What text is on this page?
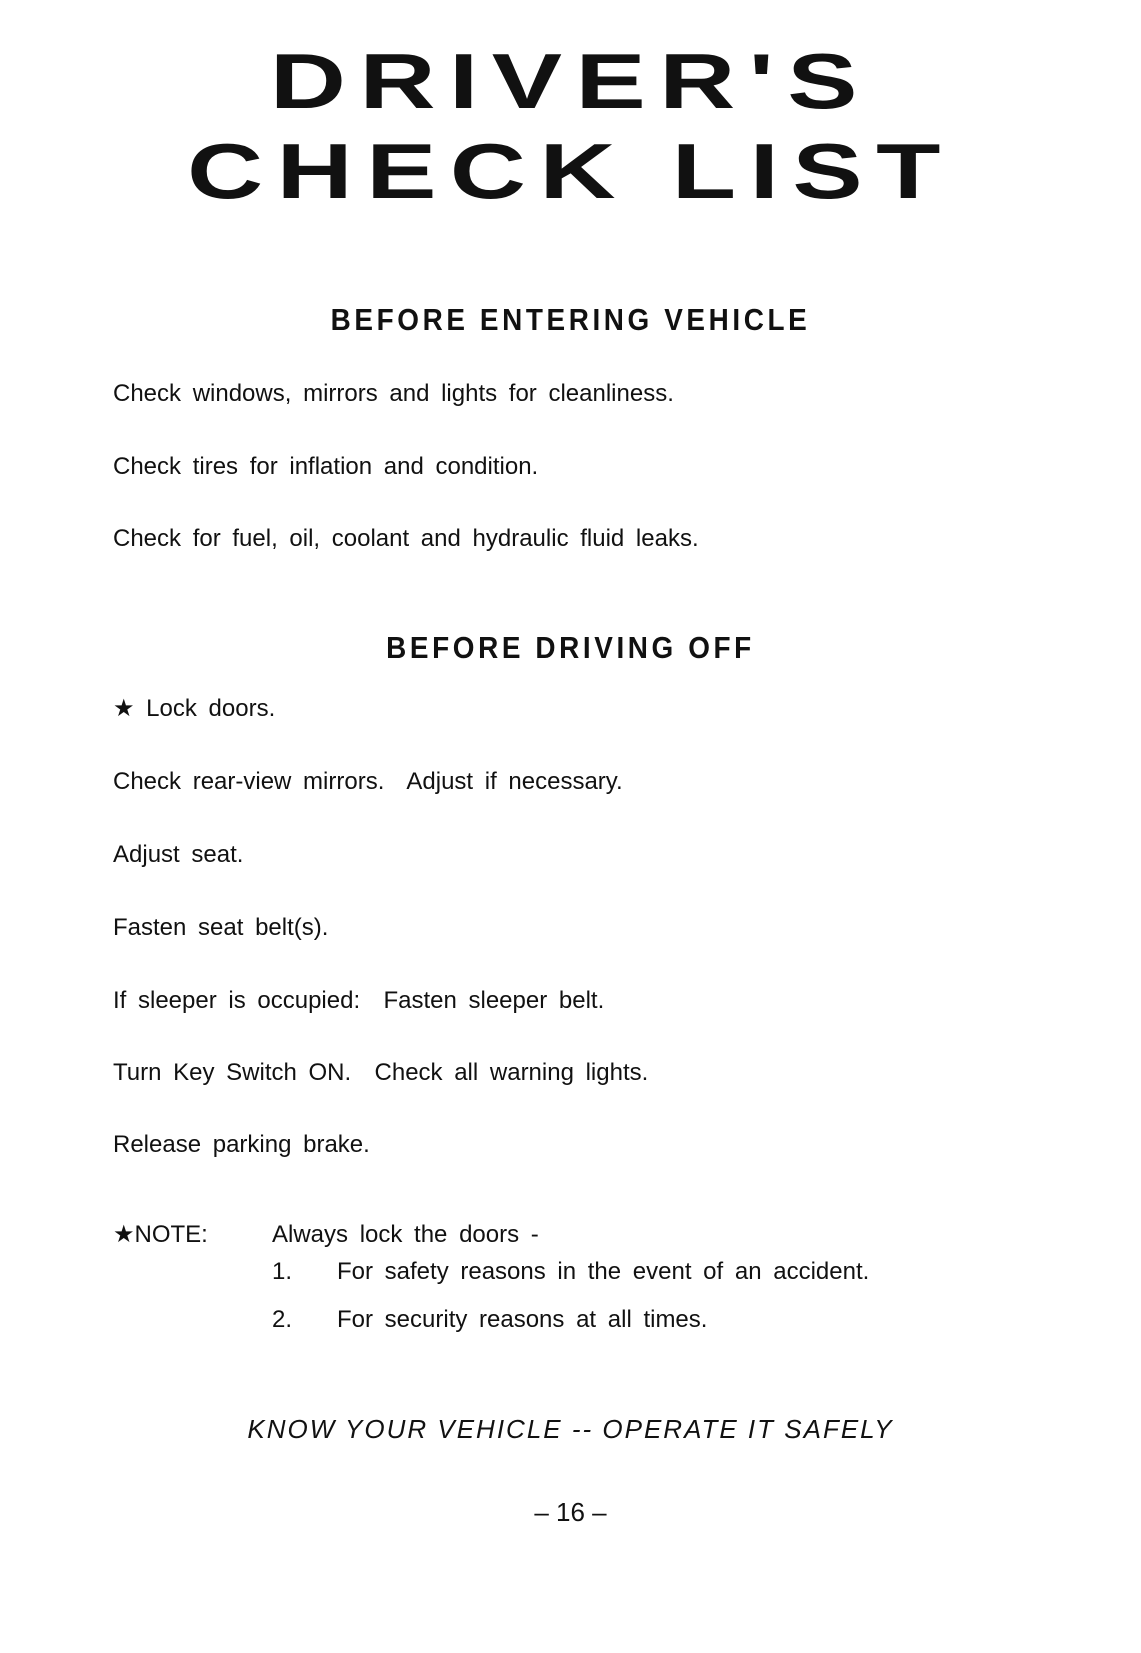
DRIVER'S
CHECK LIST
BEFORE ENTERING VEHICLE
Check windows, mirrors and lights for cleanliness.
Check tires for inflation and condition.
Check for fuel, oil, coolant and hydraulic fluid leaks.
BEFORE DRIVING OFF
★ Lock doors.
Check rear-view mirrors.  Adjust if necessary.
Adjust seat.
Fasten seat belt(s).
If sleeper is occupied:  Fasten sleeper belt.
Turn Key Switch ON.  Check all warning lights.
Release parking brake.
★NOTE:	Always lock the doors -
1. For safety reasons in the event of an accident.
2. For security reasons at all times.
KNOW YOUR VEHICLE -- OPERATE IT SAFELY
– 16 –
